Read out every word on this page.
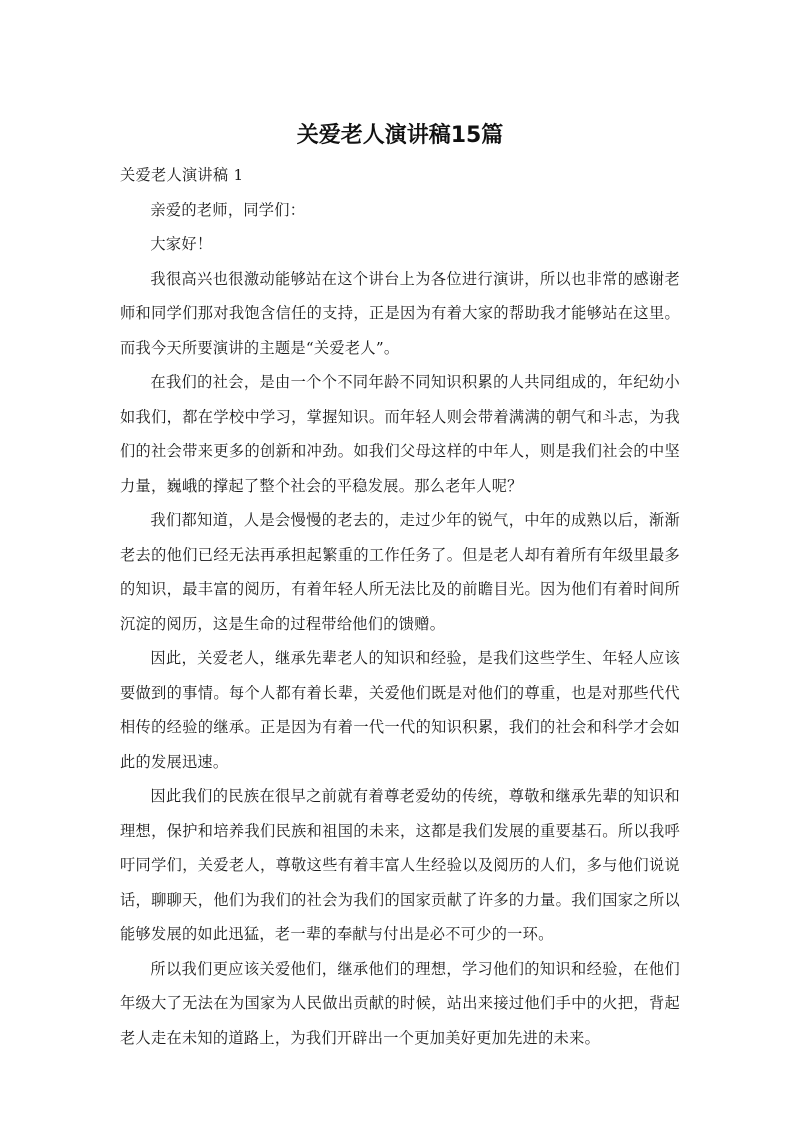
关爱老人演讲稿15篇

关爱老人演讲稿 1

亲爱的老师，同学们：

大家好！

我很高兴也很激动能够站在这个讲台上为各位进行演讲，所以也非常的感谢老师和同学们那对我饱含信任的支持，正是因为有着大家的帮助我才能够站在这里。而我今天所要演讲的主题是“关爱老人”。

在我们的社会，是由一个个不同年龄不同知识积累的人共同组成的，年纪幼小如我们，都在学校中学习，掌握知识。而年轻人则会带着满满的朝气和斗志，为我们的社会带来更多的创新和冲劲。如我们父母这样的中年人，则是我们社会的中坚力量，巍峨的撑起了整个社会的平稳发展。那么老年人呢？

我们都知道，人是会慢慢的老去的，走过少年的锐气，中年的成熟以后，渐渐老去的他们已经无法再承担起繁重的工作任务了。但是老人却有着所有年级里最多的知识，最丰富的阅历，有着年轻人所无法比及的前瞻目光。因为他们有着时间所沉淀的阅历，这是生命的过程带给他们的馈赠。

因此，关爱老人，继承先辈老人的知识和经验，是我们这些学生、年轻人应该要做到的事情。每个人都有着长辈，关爱他们既是对他们的尊重，也是对那些代代相传的经验的继承。正是因为有着一代一代的知识积累，我们的社会和科学才会如此的发展迅速。

因此我们的民族在很早之前就有着尊老爱幼的传统，尊敬和继承先辈的知识和理想，保护和培养我们民族和祖国的未来，这都是我们发展的重要基石。所以我呼吁同学们，关爱老人，尊敬这些有着丰富人生经验以及阅历的人们，多与他们说说话，聊聊天，他们为我们的社会为我们的国家贡献了许多的力量。我们国家之所以能够发展的如此迅猛，老一辈的奉献与付出是必不可少的一环。

所以我们更应该关爱他们，继承他们的理想，学习他们的知识和经验，在他们年级大了无法在为国家为人民做出贡献的时候，站出来接过他们手中的火把，背起老人走在未知的道路上，为我们开辟出一个更加美好更加先进的未来。
